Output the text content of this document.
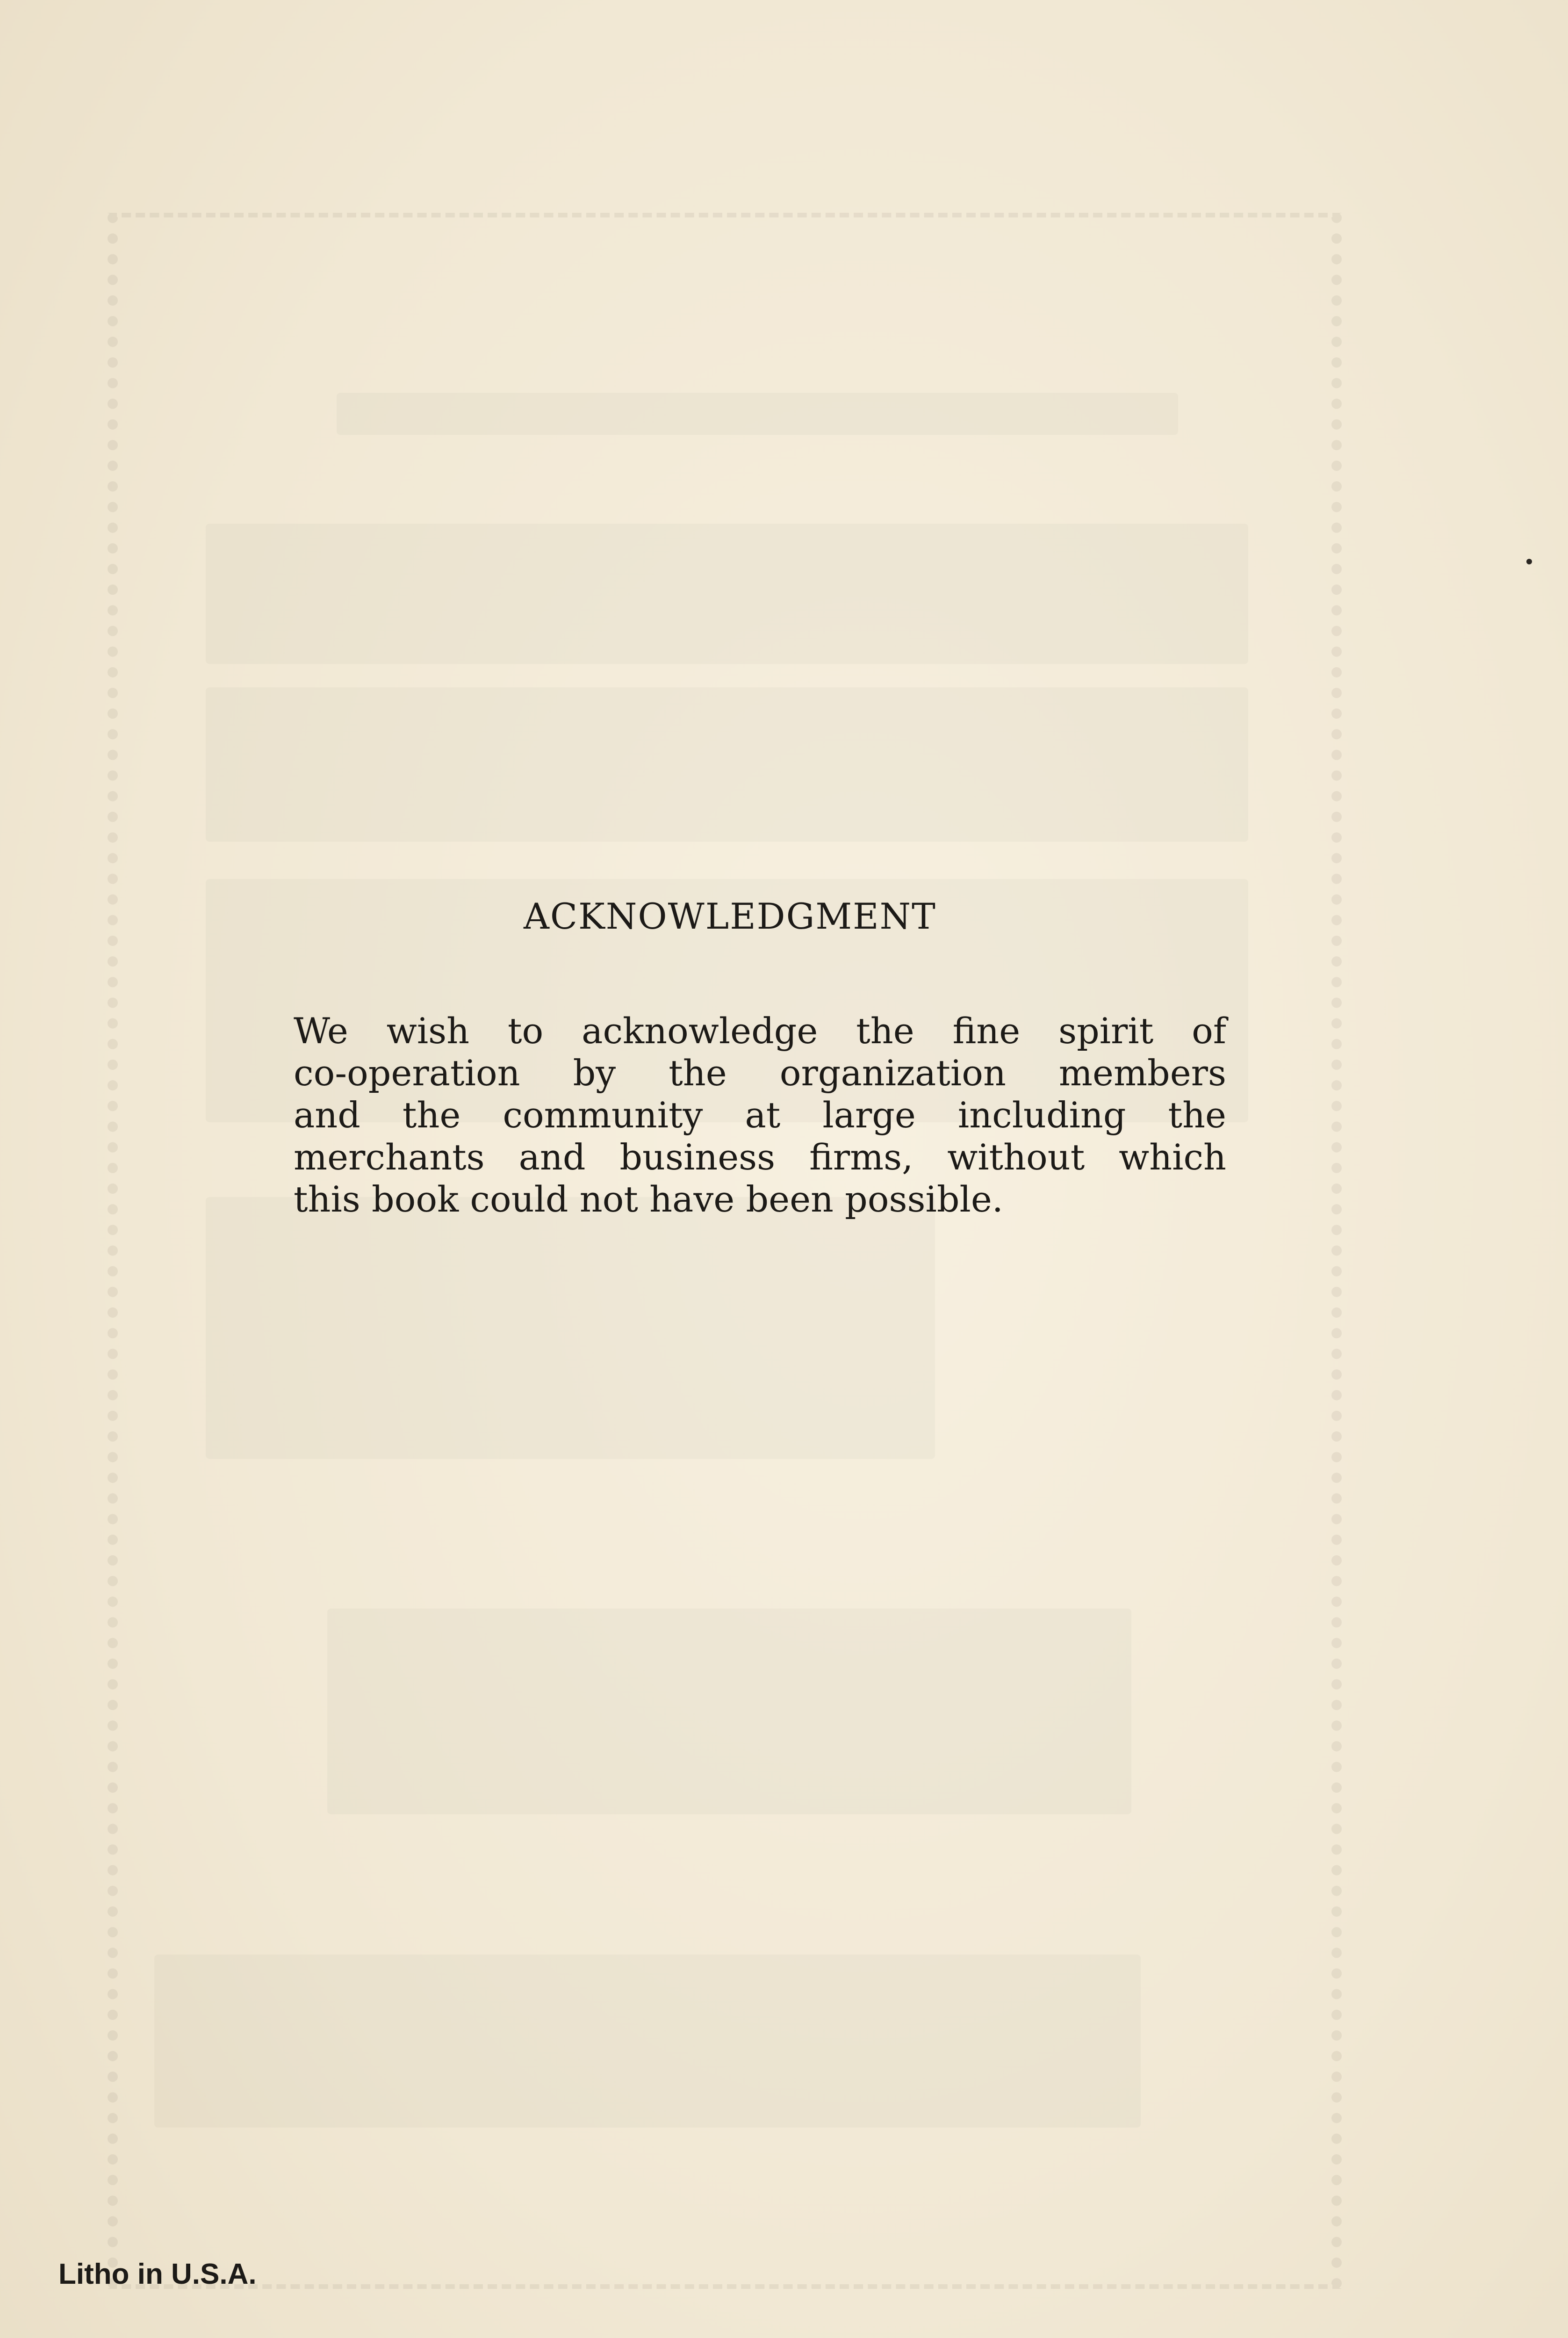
ACKNOWLEDGMENT
We wish to acknowledge the fine spirit of
co-operation by the organization members
and the community at large including the
merchants and business firms, without which
this book could not have been possible.
Litho in U.S.A.
